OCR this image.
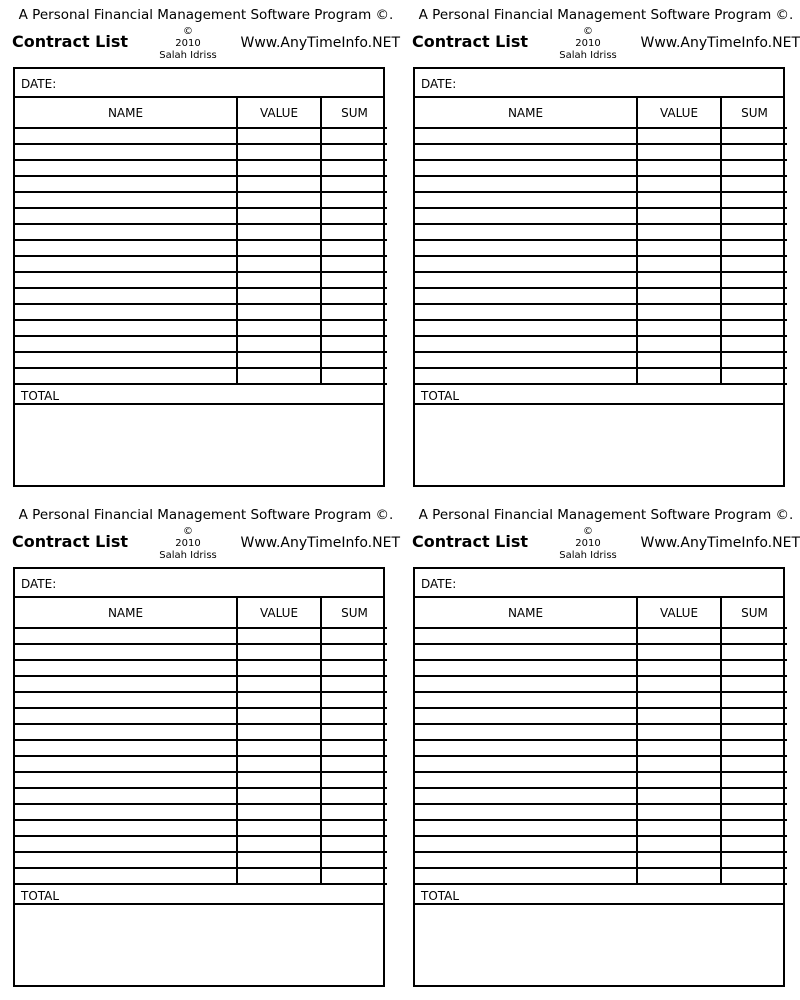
A Personal Financial Management Software Program ©.
Contract List
©
2010
Salah Idriss
Www.AnyTimeInfo.NET
DATE:
NAME	VALUE	SUM

TOTAL
A Personal Financial Management Software Program ©.
Contract List
©
2010
Salah Idriss
Www.AnyTimeInfo.NET
DATE:
NAME	VALUE	SUM

TOTAL
A Personal Financial Management Software Program ©.
Contract List
©
2010
Salah Idriss
Www.AnyTimeInfo.NET
DATE:
NAME	VALUE	SUM

TOTAL
A Personal Financial Management Software Program ©.
Contract List
©
2010
Salah Idriss
Www.AnyTimeInfo.NET
DATE:
NAME	VALUE	SUM

TOTAL
